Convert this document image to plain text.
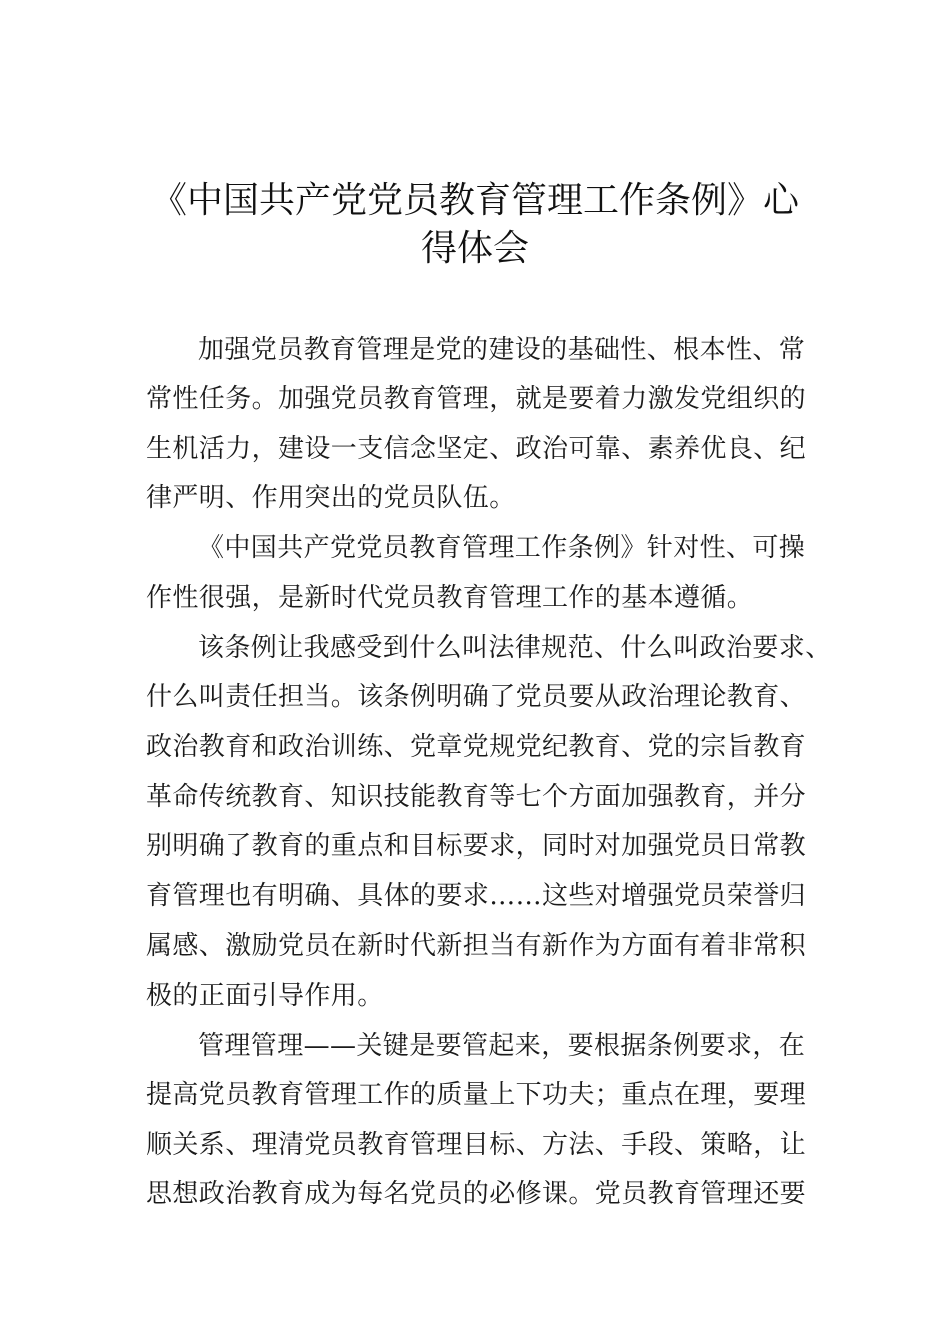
《中国共产党党员教育管理工作条例》心
得体会
加强党员教育管理是党的建设的基础性、根本性、常
常性任务。加强党员教育管理，就是要着力激发党组织的
生机活力，建设一支信念坚定、政治可靠、素养优良、纪
律严明、作用突出的党员队伍。
《中国共产党党员教育管理工作条例》针对性、可操
作性很强，是新时代党员教育管理工作的基本遵循。
该条例让我感受到什么叫法律规范、什么叫政治要求、
什么叫责任担当。该条例明确了党员要从政治理论教育、
政治教育和政治训练、党章党规党纪教育、党的宗旨教育
革命传统教育、知识技能教育等七个方面加强教育，并分
别明确了教育的重点和目标要求，同时对加强党员日常教
育管理也有明确、具体的要求……这些对增强党员荣誉归
属感、激励党员在新时代新担当有新作为方面有着非常积
极的正面引导作用。
管理管理——关键是要管起来，要根据条例要求，在
提高党员教育管理工作的质量上下功夫；重点在理，要理
顺关系、理清党员教育管理目标、方法、手段、策略，让
思想政治教育成为每名党员的必修课。党员教育管理还要
